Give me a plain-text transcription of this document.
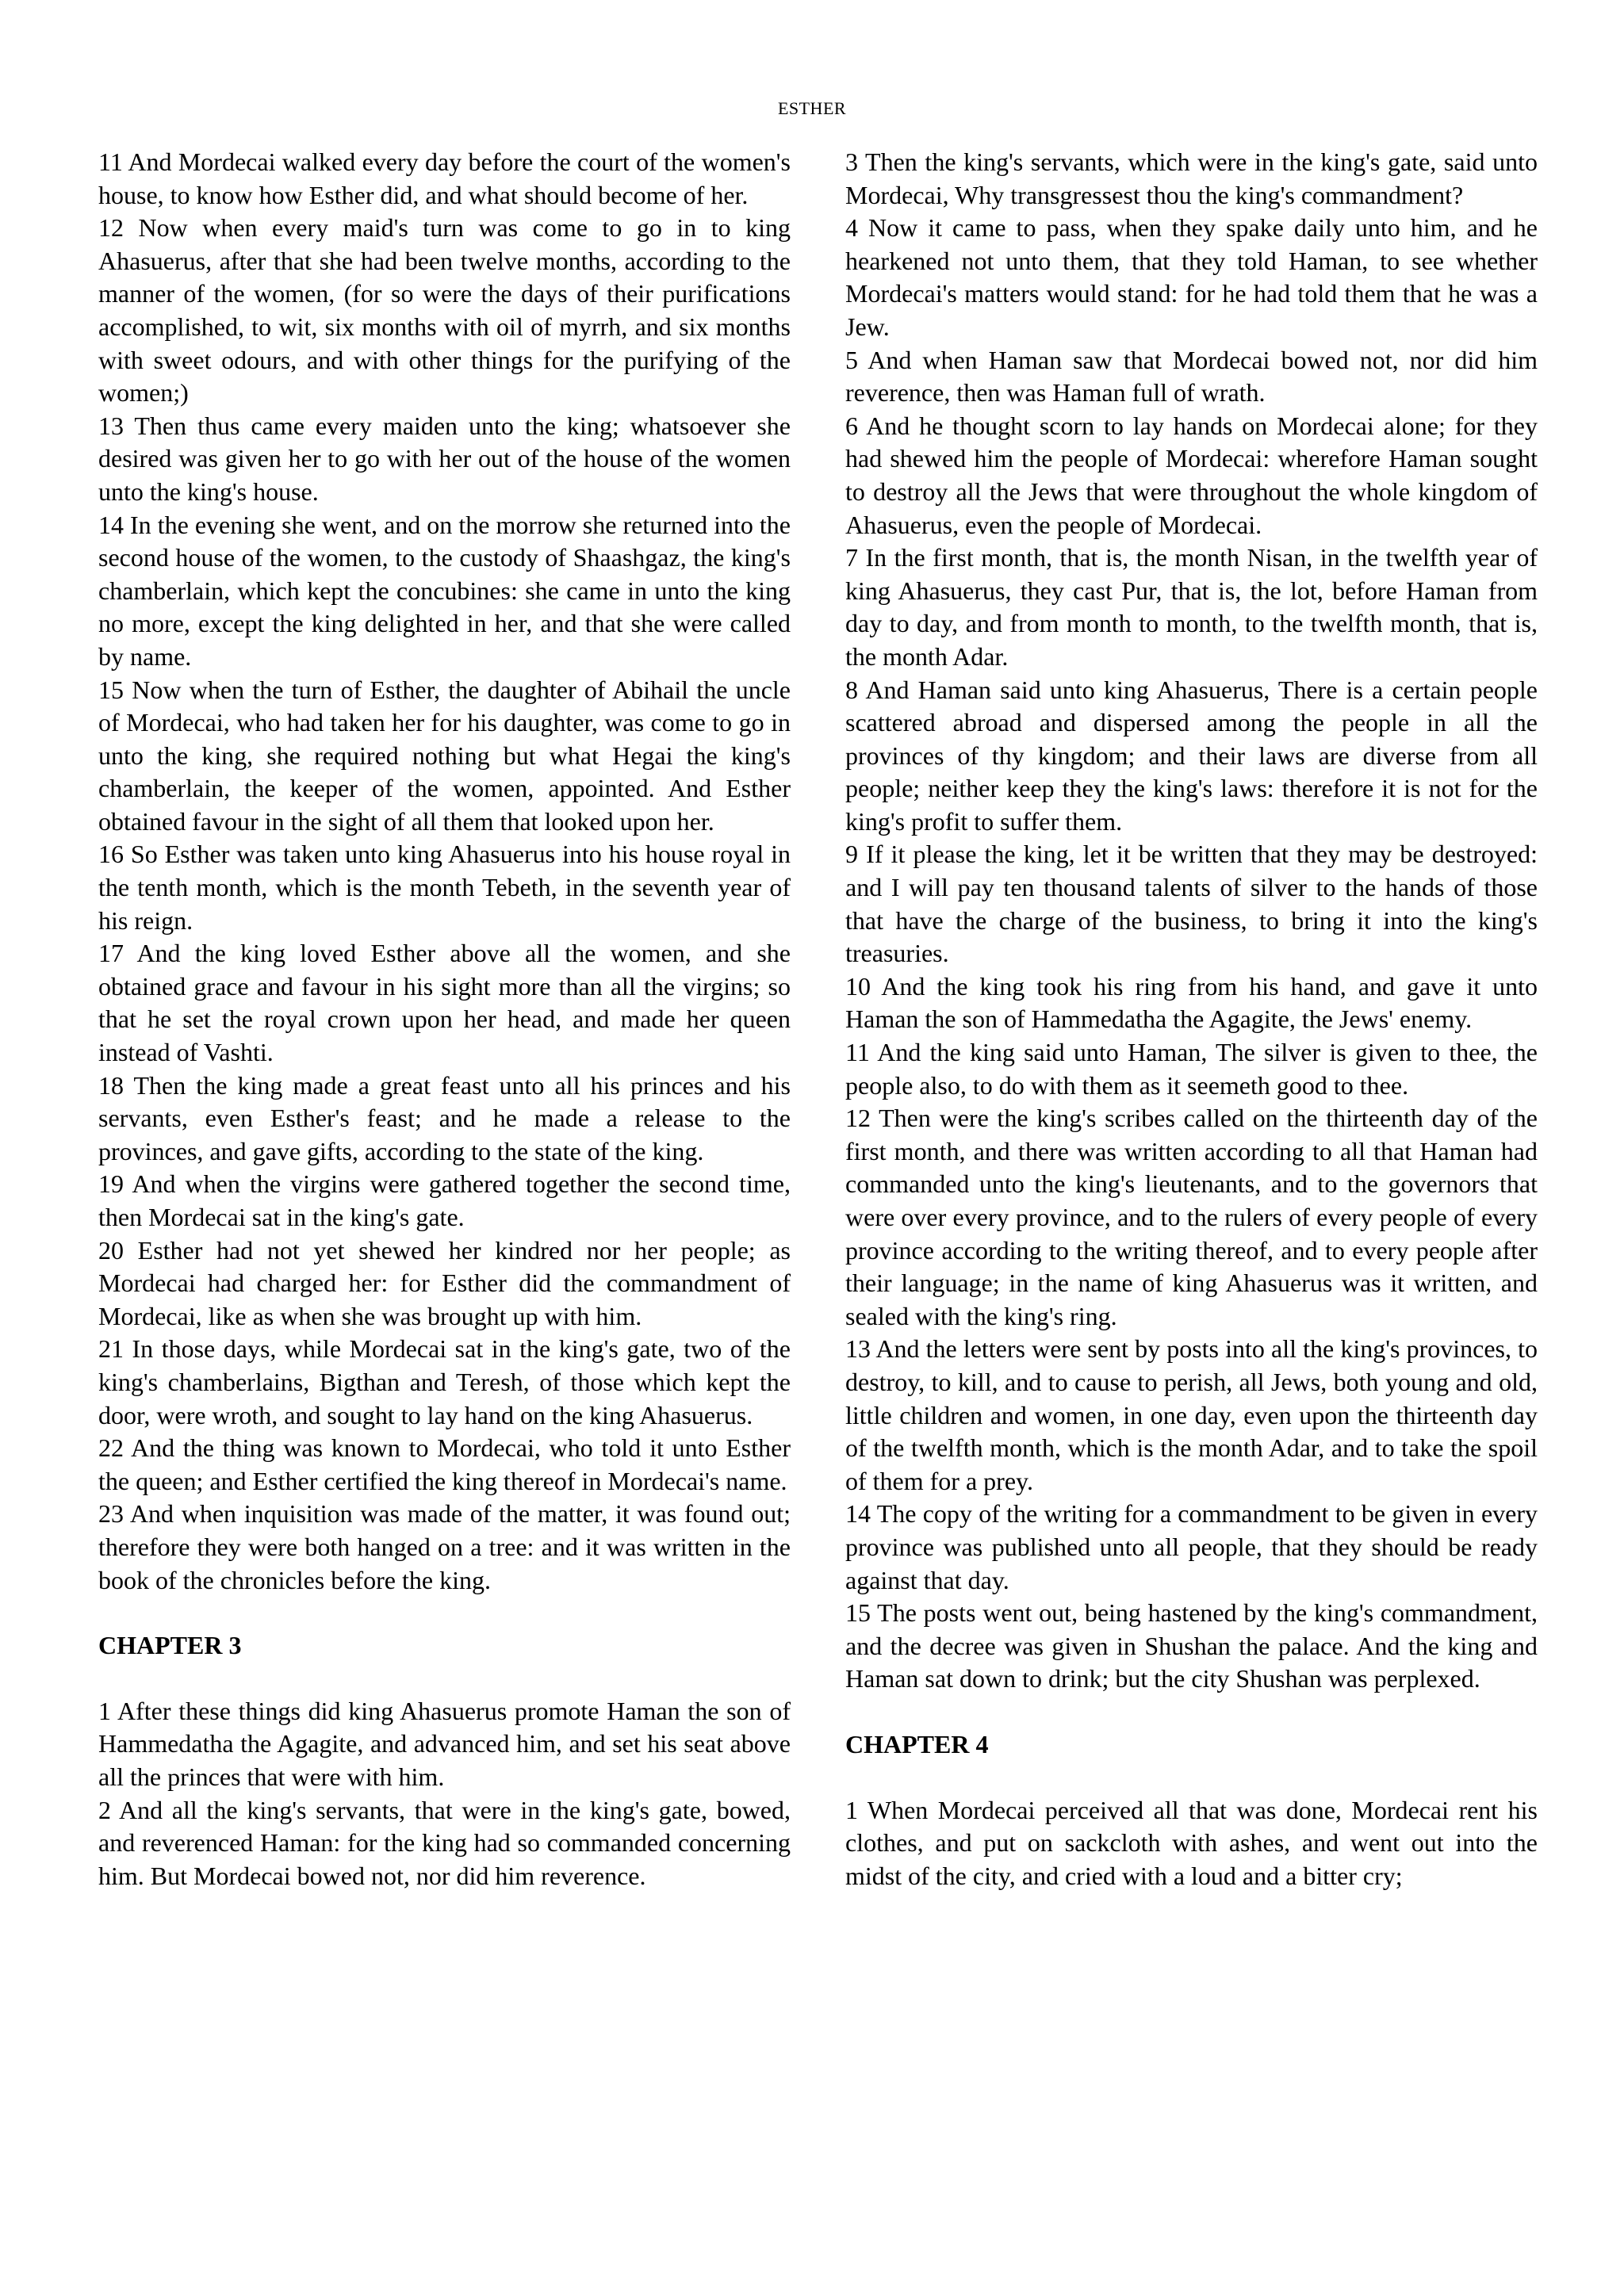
ESTHER

11 And Mordecai walked every day before the court of the women's house, to know how Esther did, and what should become of her.

12 Now when every maid's turn was come to go in to king Ahasuerus, after that she had been twelve months, according to the manner of the women, (for so were the days of their purifications accomplished, to wit, six months with oil of myrrh, and six months with sweet odours, and with other things for the purifying of the women;)

13 Then thus came every maiden unto the king; whatsoever she desired was given her to go with her out of the house of the women unto the king's house.

14 In the evening she went, and on the morrow she returned into the second house of the women, to the custody of Shaashgaz, the king's chamberlain, which kept the concubines: she came in unto the king no more, except the king delighted in her, and that she were called by name.

15 Now when the turn of Esther, the daughter of Abihail the uncle of Mordecai, who had taken her for his daughter, was come to go in unto the king, she required nothing but what Hegai the king's chamberlain, the keeper of the women, appointed. And Esther obtained favour in the sight of all them that looked upon her.

16 So Esther was taken unto king Ahasuerus into his house royal in the tenth month, which is the month Tebeth, in the seventh year of his reign.

17 And the king loved Esther above all the women, and she obtained grace and favour in his sight more than all the virgins; so that he set the royal crown upon her head, and made her queen instead of Vashti.

18 Then the king made a great feast unto all his princes and his servants, even Esther's feast; and he made a release to the provinces, and gave gifts, according to the state of the king.

19 And when the virgins were gathered together the second time, then Mordecai sat in the king's gate.

20 Esther had not yet shewed her kindred nor her people; as Mordecai had charged her: for Esther did the commandment of Mordecai, like as when she was brought up with him.

21 In those days, while Mordecai sat in the king's gate, two of the king's chamberlains, Bigthan and Teresh, of those which kept the door, were wroth, and sought to lay hand on the king Ahasuerus.

22 And the thing was known to Mordecai, who told it unto Esther the queen; and Esther certified the king thereof in Mordecai's name.

23 And when inquisition was made of the matter, it was found out; therefore they were both hanged on a tree: and it was written in the book of the chronicles before the king.

CHAPTER 3

1 After these things did king Ahasuerus promote Haman the son of Hammedatha the Agagite, and advanced him, and set his seat above all the princes that were with him.

2 And all the king's servants, that were in the king's gate, bowed, and reverenced Haman: for the king had so commanded concerning him. But Mordecai bowed not, nor did him reverence.

3 Then the king's servants, which were in the king's gate, said unto Mordecai, Why transgressest thou the king's commandment?

4 Now it came to pass, when they spake daily unto him, and he hearkened not unto them, that they told Haman, to see whether Mordecai's matters would stand: for he had told them that he was a Jew.

5 And when Haman saw that Mordecai bowed not, nor did him reverence, then was Haman full of wrath.

6 And he thought scorn to lay hands on Mordecai alone; for they had shewed him the people of Mordecai: wherefore Haman sought to destroy all the Jews that were throughout the whole kingdom of Ahasuerus, even the people of Mordecai.

7 In the first month, that is, the month Nisan, in the twelfth year of king Ahasuerus, they cast Pur, that is, the lot, before Haman from day to day, and from month to month, to the twelfth month, that is, the month Adar.

8 And Haman said unto king Ahasuerus, There is a certain people scattered abroad and dispersed among the people in all the provinces of thy kingdom; and their laws are diverse from all people; neither keep they the king's laws: therefore it is not for the king's profit to suffer them.

9 If it please the king, let it be written that they may be destroyed: and I will pay ten thousand talents of silver to the hands of those that have the charge of the business, to bring it into the king's treasuries.

10 And the king took his ring from his hand, and gave it unto Haman the son of Hammedatha the Agagite, the Jews' enemy.

11 And the king said unto Haman, The silver is given to thee, the people also, to do with them as it seemeth good to thee.

12 Then were the king's scribes called on the thirteenth day of the first month, and there was written according to all that Haman had commanded unto the king's lieutenants, and to the governors that were over every province, and to the rulers of every people of every province according to the writing thereof, and to every people after their language; in the name of king Ahasuerus was it written, and sealed with the king's ring.

13 And the letters were sent by posts into all the king's provinces, to destroy, to kill, and to cause to perish, all Jews, both young and old, little children and women, in one day, even upon the thirteenth day of the twelfth month, which is the month Adar, and to take the spoil of them for a prey.

14 The copy of the writing for a commandment to be given in every province was published unto all people, that they should be ready against that day.

15 The posts went out, being hastened by the king's commandment, and the decree was given in Shushan the palace. And the king and Haman sat down to drink; but the city Shushan was perplexed.

CHAPTER 4

1 When Mordecai perceived all that was done, Mordecai rent his clothes, and put on sackcloth with ashes, and went out into the midst of the city, and cried with a loud and a bitter cry;
